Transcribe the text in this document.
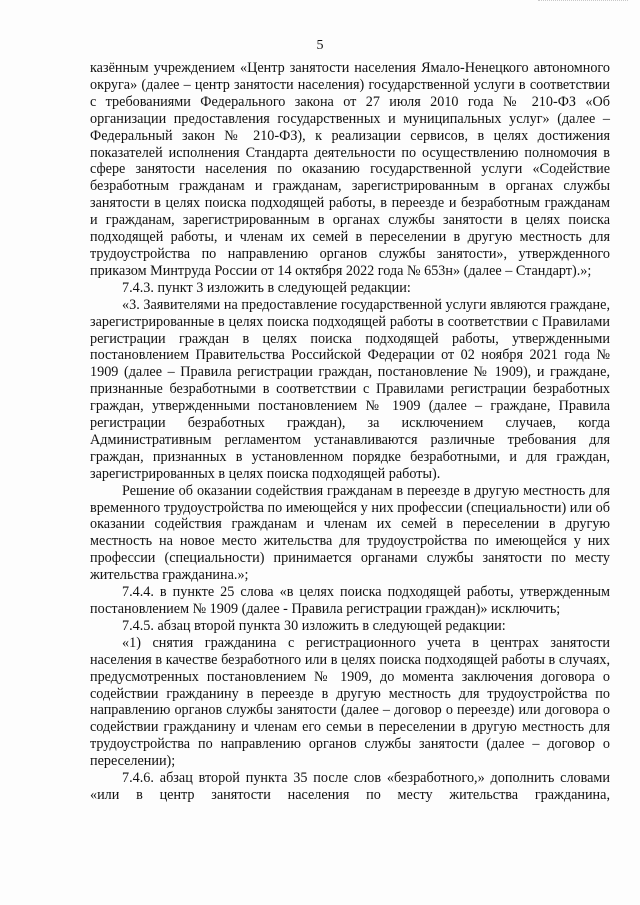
5

казённым учреждением «Центр занятости населения Ямало-Ненецкого автономного округа» (далее – центр занятости населения) государственной услуги в соответствии с требованиями Федерального закона от 27 июля 2010 года № 210-ФЗ «Об организации предоставления государственных и муниципальных услуг» (далее – Федеральный закон № 210-ФЗ), к реализации сервисов, в целях достижения показателей исполнения Стандарта деятельности по осуществлению полномочия в сфере занятости населения по оказанию государственной услуги «Содействие безработным гражданам и гражданам, зарегистрированным в органах службы занятости в целях поиска подходящей работы, в переезде и безработным гражданам и гражданам, зарегистрированным в органах службы занятости в целях поиска подходящей работы, и членам их семей в переселении в другую местность для трудоустройства по направлению органов службы занятости», утвержденного приказом Минтруда России от 14 октября 2022 года № 653н» (далее – Стандарт).»;

7.4.3. пункт 3 изложить в следующей редакции:

«3. Заявителями на предоставление государственной услуги являются граждане, зарегистрированные в целях поиска подходящей работы в соответствии с Правилами регистрации граждан в целях поиска подходящей работы, утвержденными постановлением Правительства Российской Федерации от 02 ноября 2021 года № 1909 (далее – Правила регистрации граждан, постановление № 1909), и граждане, признанные безработными в соответствии с Правилами регистрации безработных граждан, утвержденными постановлением № 1909 (далее – граждане, Правила регистрации безработных граждан), за исключением случаев, когда Административным регламентом устанавливаются различные требования для граждан, признанных в установленном порядке безработными, и для граждан, зарегистрированных в целях поиска подходящей работы).

Решение об оказании содействия гражданам в переезде в другую местность для временного трудоустройства по имеющейся у них профессии (специальности) или об оказании содействия гражданам и членам их семей в переселении в другую местность на новое место жительства для трудоустройства по имеющейся у них профессии (специальности) принимается органами службы занятости по месту жительства гражданина.»;

7.4.4. в пункте 25 слова «в целях поиска подходящей работы, утвержденным постановлением № 1909 (далее - Правила регистрации граждан)» исключить;

7.4.5. абзац второй пункта 30 изложить в следующей редакции:

«1) снятия гражданина с регистрационного учета в центрах занятости населения в качестве безработного или в целях поиска подходящей работы в случаях, предусмотренных постановлением № 1909, до момента заключения договора о содействии гражданину в переезде в другую местность для трудоустройства по направлению органов службы занятости (далее – договор о переезде) или договора о содействии гражданину и членам его семьи в переселении в другую местность для трудоустройства по направлению органов службы занятости (далее – договор о переселении);

7.4.6. абзац второй пункта 35 после слов «безработного,» дополнить словами «или в центр занятости населения по месту жительства гражданина,
